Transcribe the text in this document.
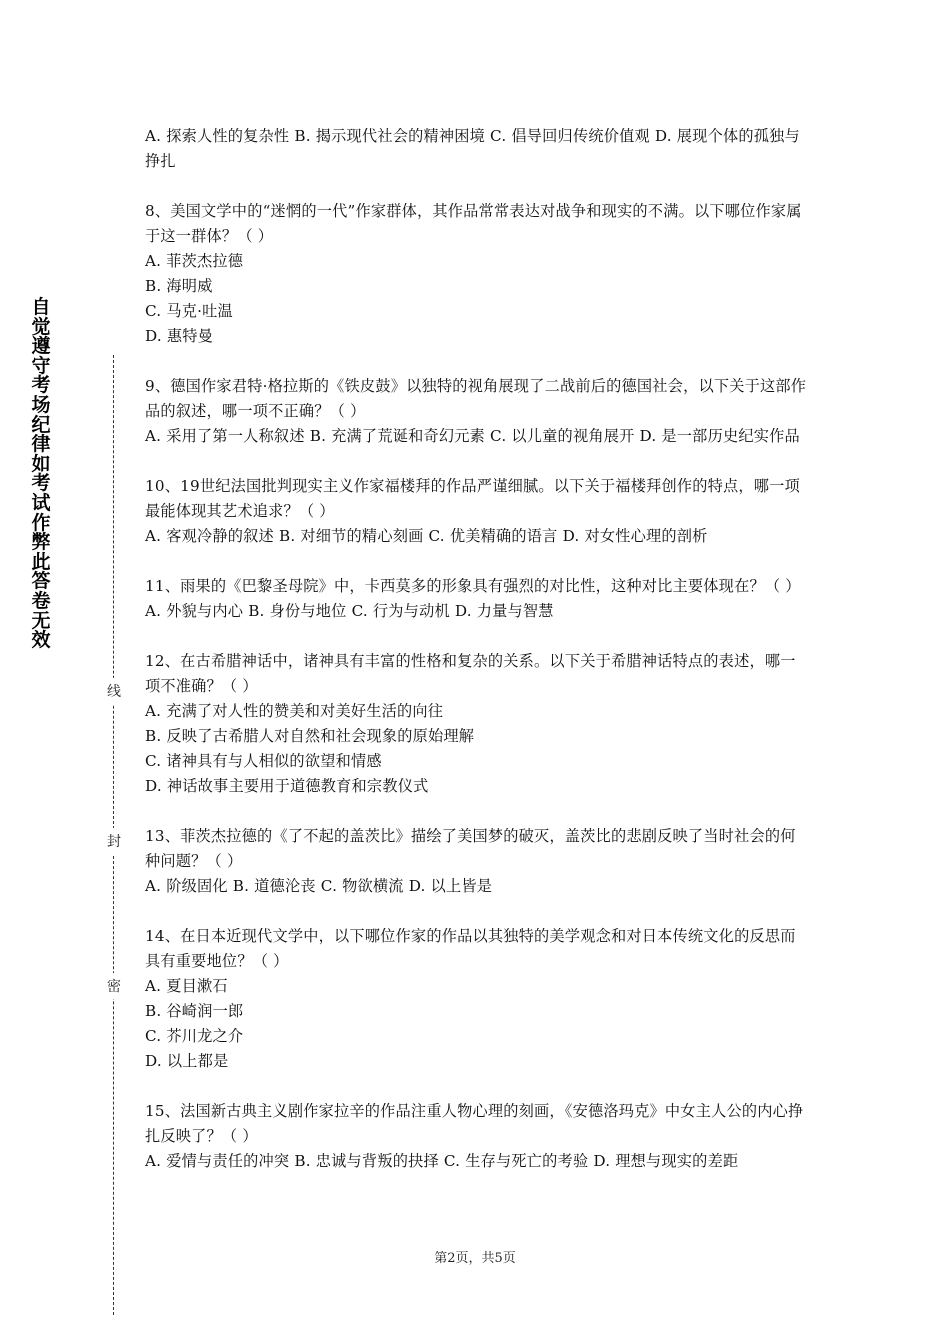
自觉遵守考场纪律如考试作弊此答卷无效
线
封
密

A. 探索人性的复杂性 B. 揭示现代社会的精神困境 C. 倡导回归传统价值观 D. 展现个体的孤独与挣扎

8、美国文学中的“迷惘的一代”作家群体，其作品常常表达对战争和现实的不满。以下哪位作家属于这一群体？（ ）

A. 菲茨杰拉德

B. 海明威

C. 马克·吐温

D. 惠特曼

9、德国作家君特·格拉斯的《铁皮鼓》以独特的视角展现了二战前后的德国社会，以下关于这部作品的叙述，哪一项不正确？（ ）

A. 采用了第一人称叙述 B. 充满了荒诞和奇幻元素 C. 以儿童的视角展开 D. 是一部历史纪实作品

10、19世纪法国批判现实主义作家福楼拜的作品严谨细腻。以下关于福楼拜创作的特点，哪一项最能体现其艺术追求？（ ）

A. 客观冷静的叙述 B. 对细节的精心刻画 C. 优美精确的语言 D. 对女性心理的剖析

11、雨果的《巴黎圣母院》中，卡西莫多的形象具有强烈的对比性，这种对比主要体现在？（ ）

A. 外貌与内心 B. 身份与地位 C. 行为与动机 D. 力量与智慧

12、在古希腊神话中，诸神具有丰富的性格和复杂的关系。以下关于希腊神话特点的表述，哪一项不准确？（ ）

A. 充满了对人性的赞美和对美好生活的向往

B. 反映了古希腊人对自然和社会现象的原始理解

C. 诸神具有与人相似的欲望和情感

D. 神话故事主要用于道德教育和宗教仪式

13、菲茨杰拉德的《了不起的盖茨比》描绘了美国梦的破灭，盖茨比的悲剧反映了当时社会的何种问题？（ ）

A. 阶级固化 B. 道德沦丧 C. 物欲横流 D. 以上皆是

14、在日本近现代文学中，以下哪位作家的作品以其独特的美学观念和对日本传统文化的反思而具有重要地位？（ ）

A. 夏目漱石

B. 谷崎润一郎

C. 芥川龙之介

D. 以上都是

15、法国新古典主义剧作家拉辛的作品注重人物心理的刻画，《安德洛玛克》中女主人公的内心挣扎反映了？（ ）

A. 爱情与责任的冲突 B. 忠诚与背叛的抉择 C. 生存与死亡的考验 D. 理想与现实的差距

第2页，共5页
